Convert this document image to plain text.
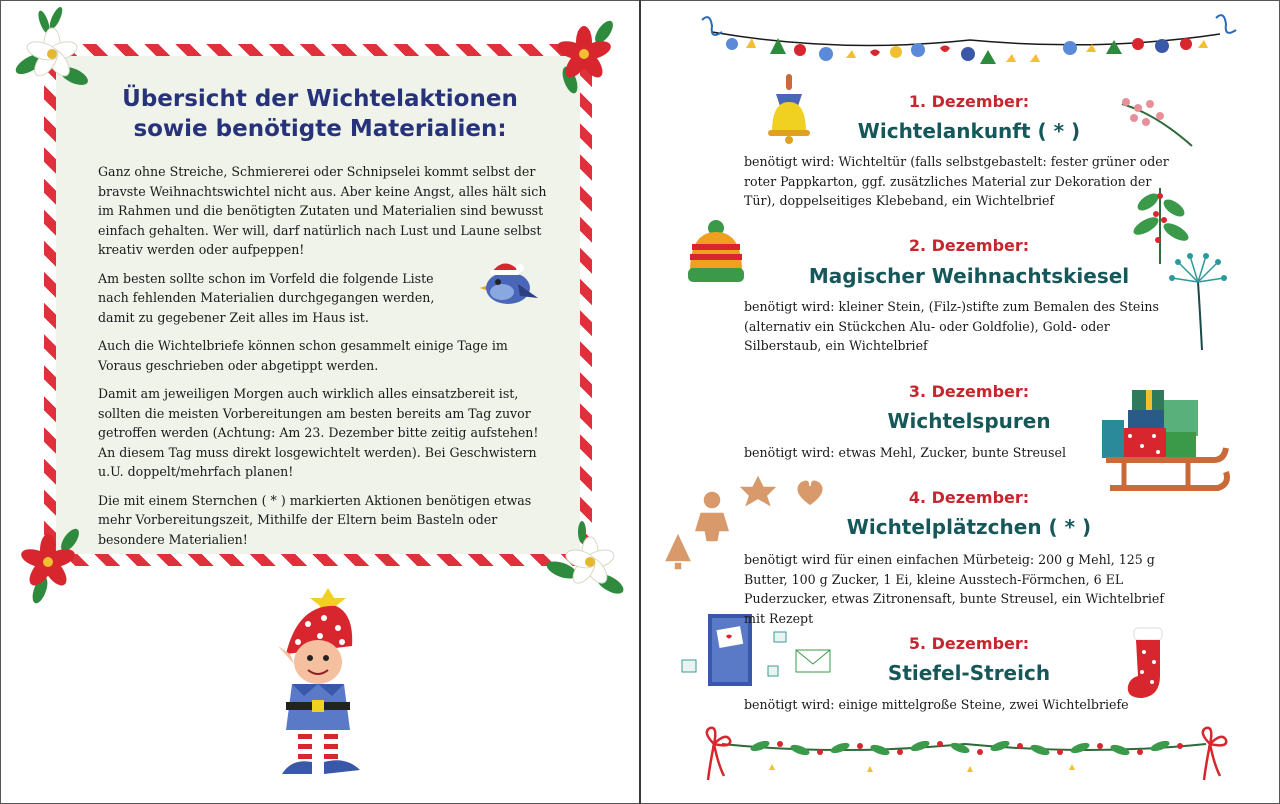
Übersicht der Wichtelaktionen
sowie benötigte Materialien:

Ganz ohne Streiche, Schmiererei oder Schnipselei kommt selbst der bravste Weihnachtswichtel nicht aus. Aber keine Angst, alles hält sich im Rahmen und die benötigten Zutaten und Materialien sind bewusst einfach gehalten. Wer will, darf natürlich nach Lust und Laune selbst kreativ werden oder aufpeppen!

Am besten sollte schon im Vorfeld die folgende Liste nach fehlenden Materialien durchgegangen werden, damit zu gegebener Zeit alles im Haus ist.

Auch die Wichtelbriefe können schon gesammelt einige Tage im Voraus geschrieben oder abgetippt werden.

Damit am jeweiligen Morgen auch wirklich alles einsatzbereit ist, sollten die meisten Vorbereitungen am besten bereits am Tag zuvor getroffen werden (Achtung: Am 23. Dezember bitte zeitig aufstehen! An diesem Tag muss direkt losgewichtelt werden). Bei Geschwistern u.U. doppelt/mehrfach planen!

Die mit einem Sternchen ( * ) markierten Aktionen benötigen etwas mehr Vorbereitungszeit, Mithilfe der Eltern beim Basteln oder besondere Materialien!

1. Dezember:
Wichtelankunft ( * )
benötigt wird: Wichteltür (falls selbstgebastelt: fester grüner oder roter Pappkarton, ggf. zusätzliches Material zur Dekoration der Tür), doppelseitiges Klebeband, ein Wichtelbrief
2. Dezember:
Magischer Weihnachtskiesel
benötigt wird: kleiner Stein, (Filz-)stifte zum Bemalen des Steins (alternativ ein Stückchen Alu- oder Goldfolie), Gold- oder Silberstaub, ein Wichtelbrief
3. Dezember:
Wichtelspuren
benötigt wird: etwas Mehl, Zucker, bunte Streusel
4. Dezember:
Wichtelplätzchen ( * )
benötigt wird für einen einfachen Mürbeteig: 200 g Mehl, 125 g Butter, 100 g Zucker, 1 Ei, kleine Ausstech-Förmchen, 6 EL Puderzucker, etwas Zitronensaft, bunte Streusel, ein Wichtelbrief mit Rezept
5. Dezember:
Stiefel-Streich
benötigt wird: einige mittelgroße Steine, zwei Wichtelbriefe
